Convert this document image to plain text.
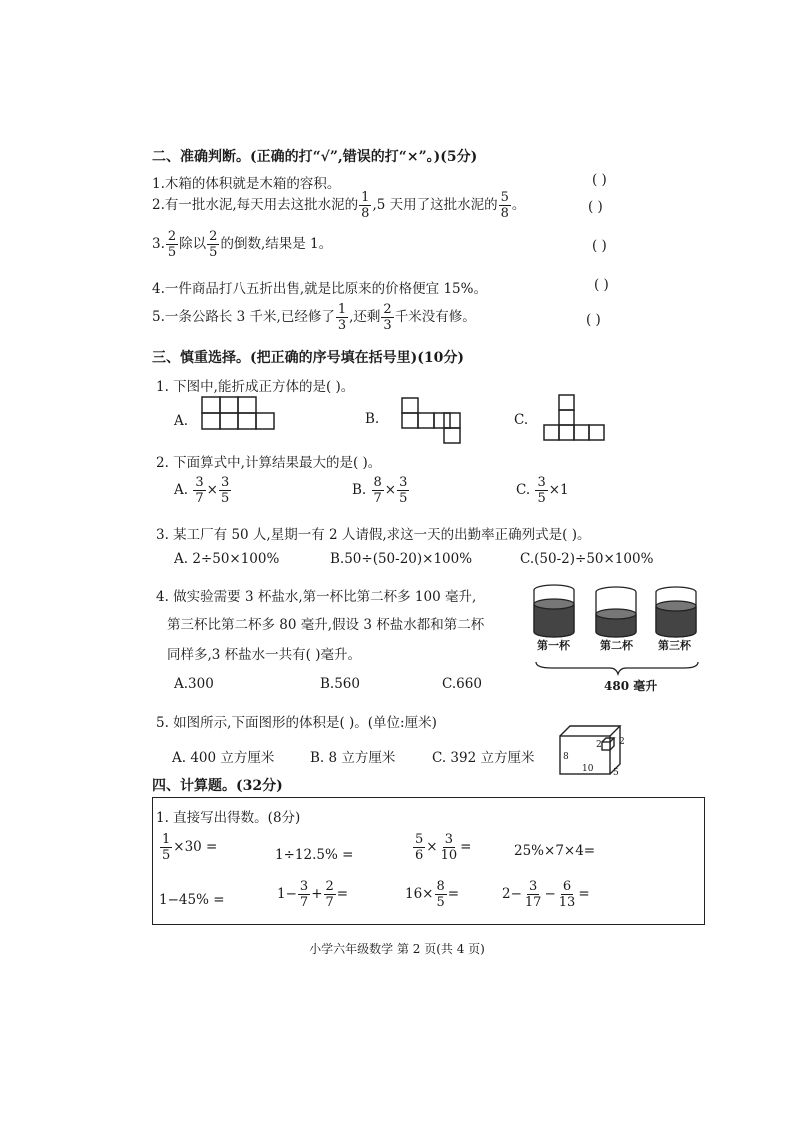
二、准确判断。(正确的打“√”,错误的打“×”。)(5分)
1.木箱的体积就是木箱的容积。	( )
2.有一批水泥,每天用去这批水泥的 $\frac{1}{8} ,5$ 天用了这批水泥的 $\frac{5}{8}$ 。	( )
3. $\frac{2}{5}$ 除以 $\frac{2}{5}$ 的倒数,结果是 1。	( )
4.一件商品打八五折出售,就是比原来的价格便宜 15%。	( )
5.一条公路长 3 千米,已经修了 $\frac{1}{3}$ ,还剩 $\frac{2}{3}$ 千米没有修。	( )
三、慎重选择。(把正确的序号填在括号里)(10分)
1. 下图中,能折成正方体的是( )。
A.	B.	C.
2. 下面算式中,计算结果最大的是( )。
A. $\frac{3}{7} \times \frac{3}{5}$	B. $\frac{8}{7} \times \frac{3}{5}$	C. $\frac{3}{5} \times 1$
3. 某工厂有 50 人,星期一有 2 人请假,求这一天的出勤率正确列式是( )。
A. 2÷50×100%	B.50÷(50-20)×100%	C.(50-2)÷50×100%
4. 做实验需要 3 杯盐水,第一杯比第二杯多 100 毫升,
第三杯比第二杯多 80 毫升,假设 3 杯盐水都和第二杯
同样多,3 杯盐水一共有( )毫升。
A.300	B.560	C.660
第一杯	第二杯 第三杯
480 毫升
5. 如图所示,下面图形的体积是( )。(单位:厘米)
A. 400 立方厘米	B. 8 立方厘米	C. 392 立方厘米	8
10 5
2 2
四、计算题。(32分)
1. 直接写出得数。(8分)
$\frac{1}{5} \times 30$ =	1÷12.5% =	$\frac{5}{6} \times \frac{3}{10}$ =	25%×7×4=
1−45% =	$1- \frac{3}{7} + \frac{2}{7}$ =	$16\times \frac{8}{5}$ =	$2- \frac{3}{17} - \frac{6}{13}$ =
小学六年级数学 第 2 页(共 4 页)
